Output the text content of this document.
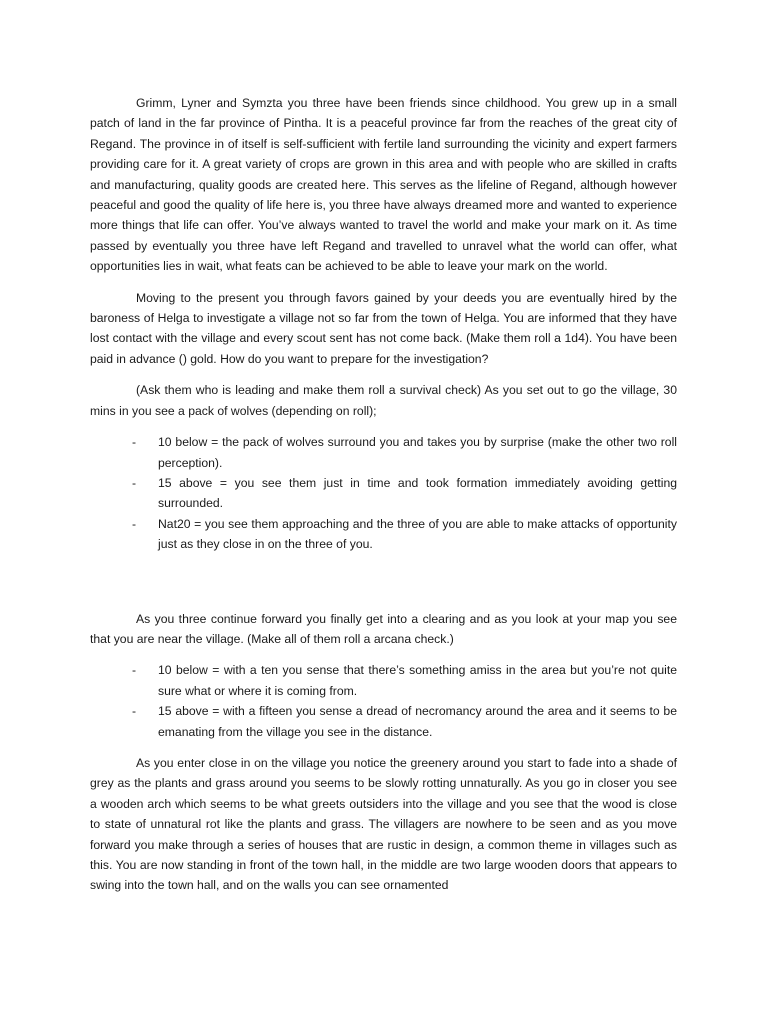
Grimm, Lyner and Symzta you three have been friends since childhood. You grew up in a small patch of land in the far province of Pintha. It is a peaceful province far from the reaches of the great city of Regand. The province in of itself is self-sufficient with fertile land surrounding the vicinity and expert farmers providing care for it. A great variety of crops are grown in this area and with people who are skilled in crafts and manufacturing, quality goods are created here. This serves as the lifeline of Regand, although however peaceful and good the quality of life here is, you three have always dreamed more and wanted to experience more things that life can offer. You’ve always wanted to travel the world and make your mark on it. As time passed by eventually you three have left Regand and travelled to unravel what the world can offer, what opportunities lies in wait, what feats can be achieved to be able to leave your mark on the world.

Moving to the present you through favors gained by your deeds you are eventually hired by the baroness of Helga to investigate a village not so far from the town of Helga. You are informed that they have lost contact with the village and every scout sent has not come back. (Make them roll a 1d4). You have been paid in advance () gold. How do you want to prepare for the investigation?

(Ask them who is leading and make them roll a survival check) As you set out to go the village, 30 mins in you see a pack of wolves (depending on roll);

- 10 below = the pack of wolves surround you and takes you by surprise (make the other two roll perception).
- 15 above = you see them just in time and took formation immediately avoiding getting surrounded.
- Nat20 = you see them approaching and the three of you are able to make attacks of opportunity just as they close in on the three of you.

As you three continue forward you finally get into a clearing and as you look at your map you see that you are near the village. (Make all of them roll a arcana check.)

- 10 below = with a ten you sense that there’s something amiss in the area but you’re not quite sure what or where it is coming from.
- 15 above = with a fifteen you sense a dread of necromancy around the area and it seems to be emanating from the village you see in the distance.

As you enter close in on the village you notice the greenery around you start to fade into a shade of grey as the plants and grass around you seems to be slowly rotting unnaturally. As you go in closer you see a wooden arch which seems to be what greets outsiders into the village and you see that the wood is close to state of unnatural rot like the plants and grass. The villagers are nowhere to be seen and as you move forward you make through a series of houses that are rustic in design, a common theme in villages such as this. You are now standing in front of the town hall, in the middle are two large wooden doors that appears to swing into the town hall, and on the walls you can see ornamented
